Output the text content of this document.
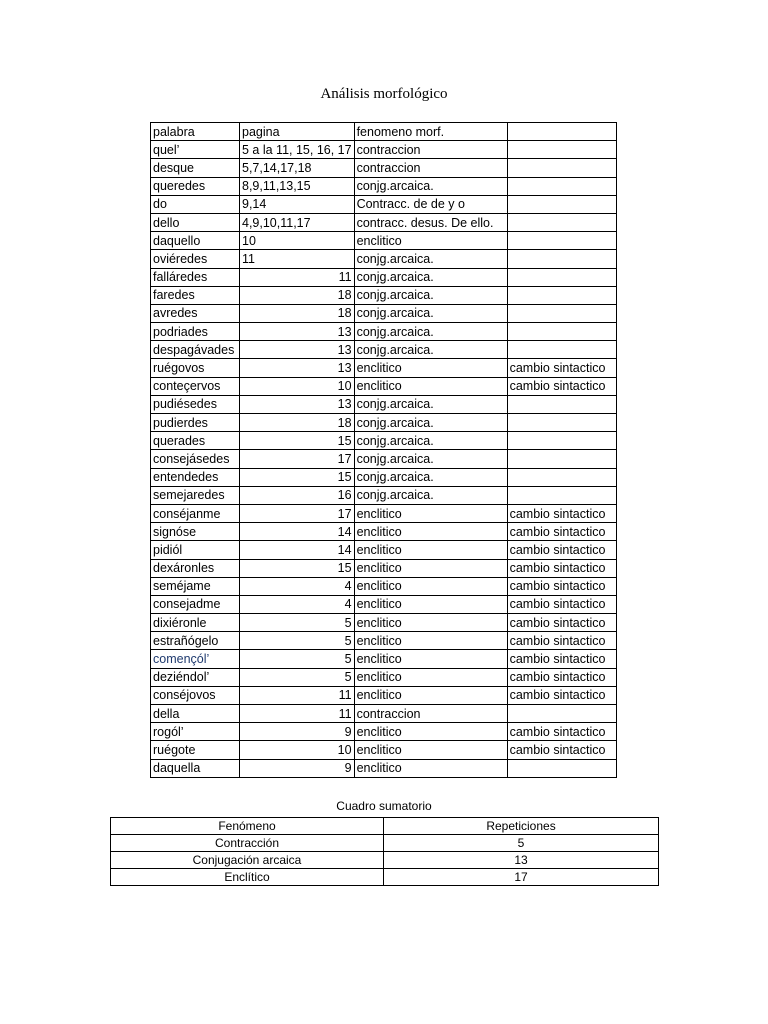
Análisis morfológico
palabra	pagina	fenomeno morf.	
quel’	5 a la 11, 15, 16, 17	contraccion	
desque	5,7,14,17,18	contraccion	
queredes	8,9,11,13,15	conjg.arcaica.	
do	9,14	Contracc. de de y o	
dello	4,9,10,11,17	contracc. desus. De ello.	
daquello	10	enclitico	
oviéredes	11	conjg.arcaica.	
falláredes	11	conjg.arcaica.	
faredes	18	conjg.arcaica.	
avredes	18	conjg.arcaica.	
podriades	13	conjg.arcaica.	
despagávades	13	conjg.arcaica.	
ruégovos	13	enclitico	cambio sintactico
conteçervos	10	enclitico	cambio sintactico
pudiésedes	13	conjg.arcaica.	
pudierdes	18	conjg.arcaica.	
querades	15	conjg.arcaica.	
consejásedes	17	conjg.arcaica.	
entendedes	15	conjg.arcaica.	
semejaredes	16	conjg.arcaica.	
conséjanme	17	enclitico	cambio sintactico
signóse	14	enclitico	cambio sintactico
pidiól	14	enclitico	cambio sintactico
dexáronles	15	enclitico	cambio sintactico
seméjame	4	enclitico	cambio sintactico
consejadme	4	enclitico	cambio sintactico
dixiéronle	5	enclitico	cambio sintactico
estrañógelo	5	enclitico	cambio sintactico
començól’	5	enclitico	cambio sintactico
deziéndol’	5	enclitico	cambio sintactico
conséjovos	11	enclitico	cambio sintactico
della	11	contraccion	
rogól’	9	enclitico	cambio sintactico
ruégote	10	enclitico	cambio sintactico
daquella	9	enclitico	
Cuadro sumatorio
Fenómeno	Repeticiones
Contracción	5
Conjugación arcaica	13
Enclítico	17
